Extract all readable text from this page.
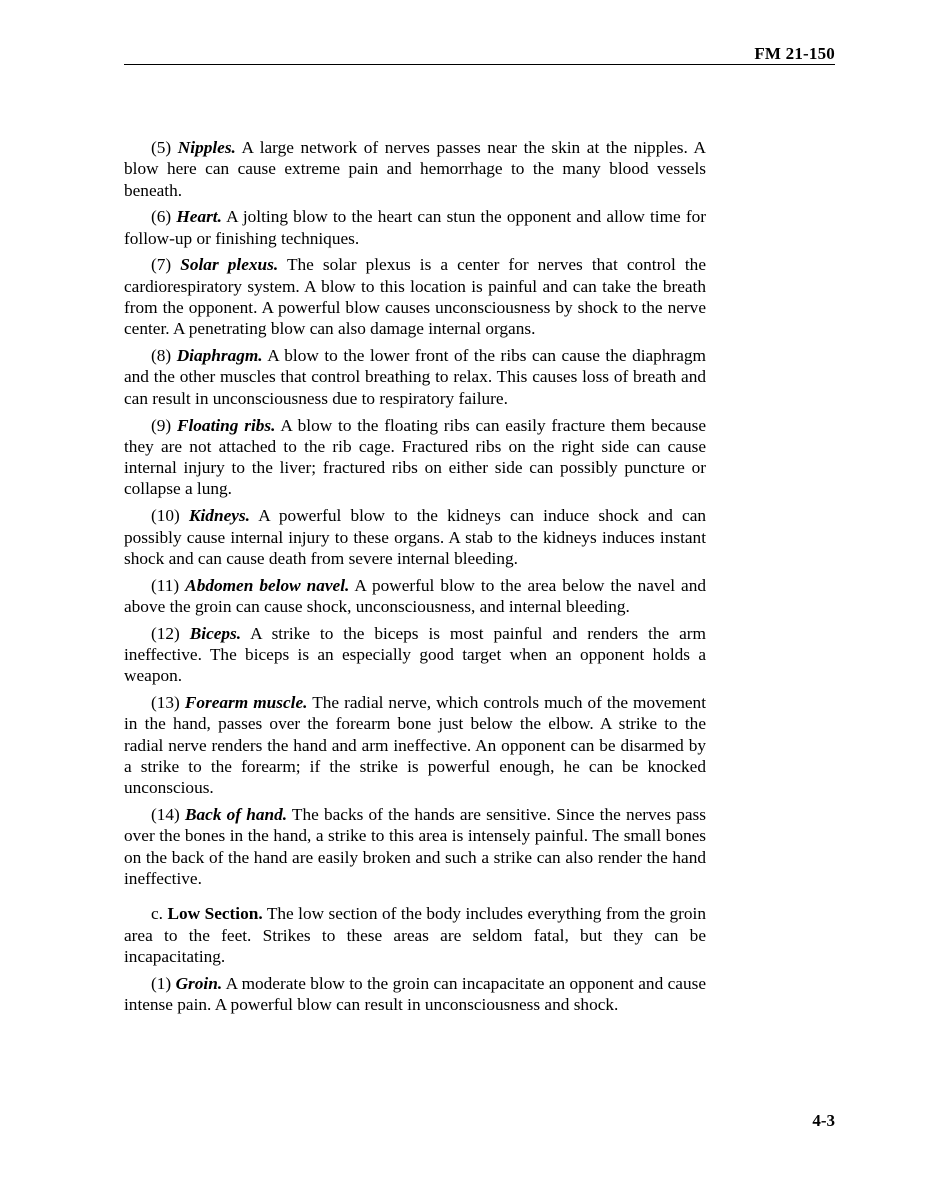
FM 21-150

(5) Nipples. A large network of nerves passes near the skin at the nipples. A blow here can cause extreme pain and hemorrhage to the many blood vessels beneath.

(6) Heart. A jolting blow to the heart can stun the opponent and allow time for follow-up or finishing techniques.

(7) Solar plexus. The solar plexus is a center for nerves that control the cardiorespiratory system. A blow to this location is painful and can take the breath from the opponent. A powerful blow causes unconsciousness by shock to the nerve center. A penetrating blow can also damage internal organs.

(8) Diaphragm. A blow to the lower front of the ribs can cause the diaphragm and the other muscles that control breathing to relax. This causes loss of breath and can result in unconsciousness due to respiratory failure.

(9) Floating ribs. A blow to the floating ribs can easily fracture them because they are not attached to the rib cage. Fractured ribs on the right side can cause internal injury to the liver; fractured ribs on either side can possibly puncture or collapse a lung.

(10) Kidneys. A powerful blow to the kidneys can induce shock and can possibly cause internal injury to these organs. A stab to the kidneys induces instant shock and can cause death from severe internal bleeding.

(11) Abdomen below navel. A powerful blow to the area below the navel and above the groin can cause shock, unconsciousness, and internal bleeding.

(12) Biceps. A strike to the biceps is most painful and renders the arm ineffective. The biceps is an especially good target when an opponent holds a weapon.

(13) Forearm muscle. The radial nerve, which controls much of the movement in the hand, passes over the forearm bone just below the elbow. A strike to the radial nerve renders the hand and arm ineffective. An opponent can be disarmed by a strike to the forearm; if the strike is powerful enough, he can be knocked unconscious.

(14) Back of hand. The backs of the hands are sensitive. Since the nerves pass over the bones in the hand, a strike to this area is intensely painful. The small bones on the back of the hand are easily broken and such a strike can also render the hand ineffective.

c. Low Section. The low section of the body includes everything from the groin area to the feet. Strikes to these areas are seldom fatal, but they can be incapacitating.

(1) Groin. A moderate blow to the groin can incapacitate an opponent and cause intense pain. A powerful blow can result in unconsciousness and shock.

4-3
